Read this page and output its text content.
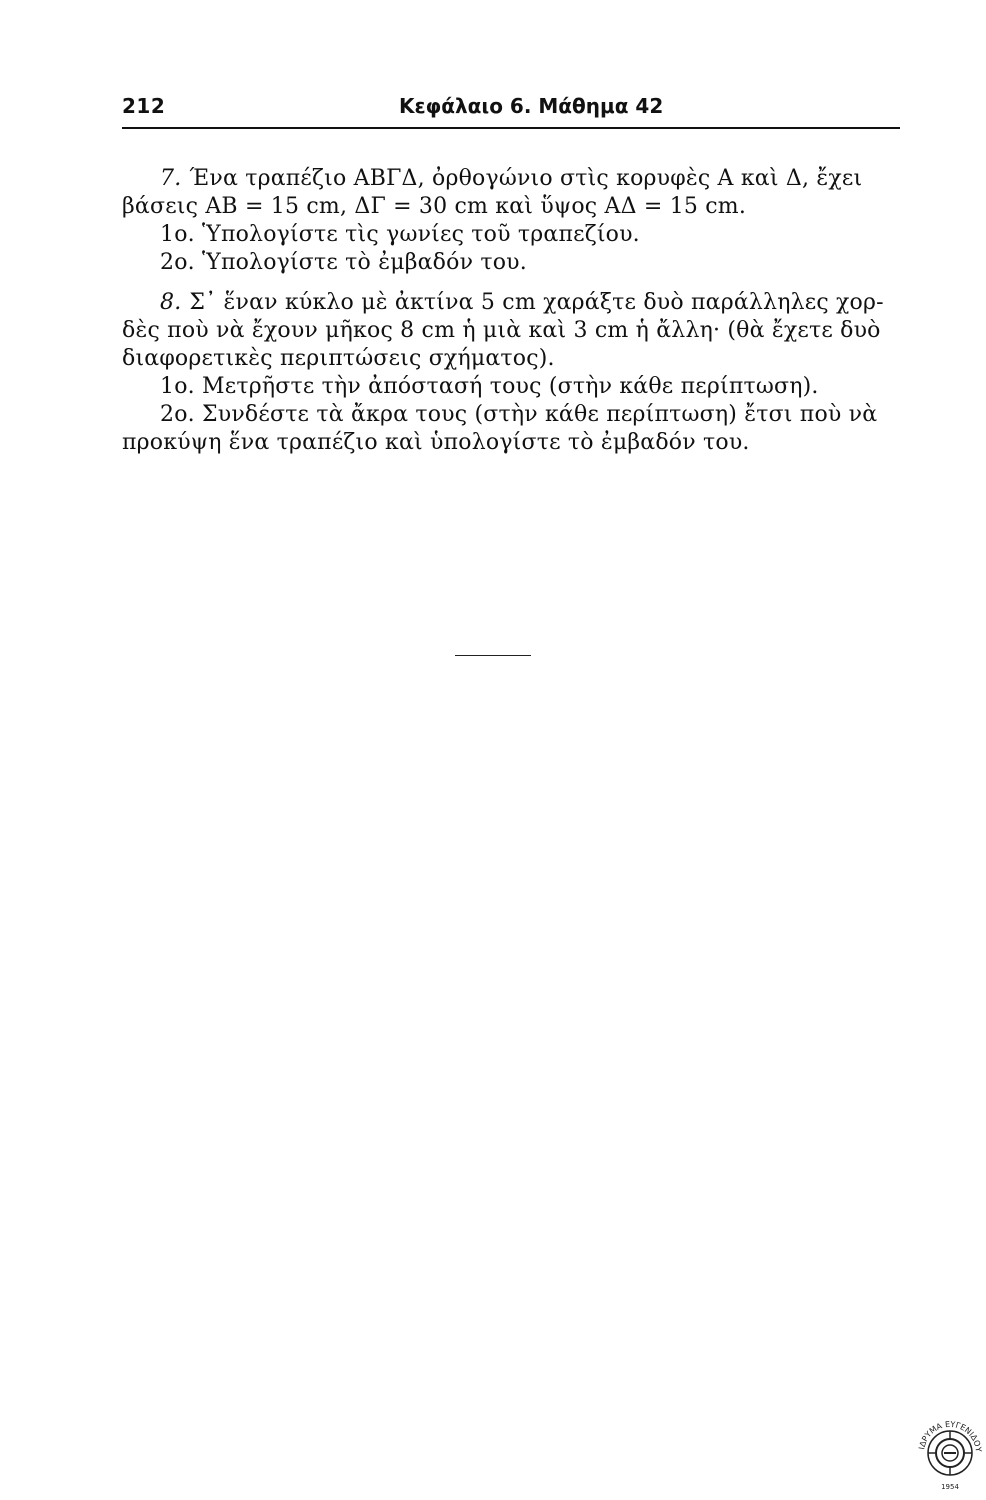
212	Κεφάλαιο 6. Μάθημα 42
7. Ένα τραπέζιο ΑΒΓΔ, ὀρθογώνιο στὶς κορυφὲς Α καὶ Δ, ἔχει
βάσεις ΑΒ = 15 cm, ΔΓ = 30 cm καὶ ὕψος ΑΔ = 15 cm.
1ο. Ὑπολογίστε τὶς γωνίες τοῦ τραπεζίου.
2ο. Ὑπολογίστε τὸ ἐμβαδόν του.
8. Σ᾽ ἕναν κύκλο μὲ ἀκτίνα 5 cm χαράξτε δυὸ παράλληλες χορ-
δὲς ποὺ νὰ ἔχουν μῆκος 8 cm ἡ μιὰ καὶ 3 cm ἡ ἄλλη· (θὰ ἔχετε δυὸ
διαφορετικὲς περιπτώσεις σχήματος).
1ο. Μετρῆστε τὴν ἀπόστασή τους (στὴν κάθε περίπτωση).
2ο. Συνδέστε τὰ ἄκρα τους (στὴν κάθε περίπτωση) ἔτσι ποὺ νὰ
προκύψη ἕνα τραπέζιο καὶ ὑπολογίστε τὸ ἐμβαδόν του.
ΙΔΡΥΜΑ ΕΥΓΕΝΙΔΟΥ
1954
